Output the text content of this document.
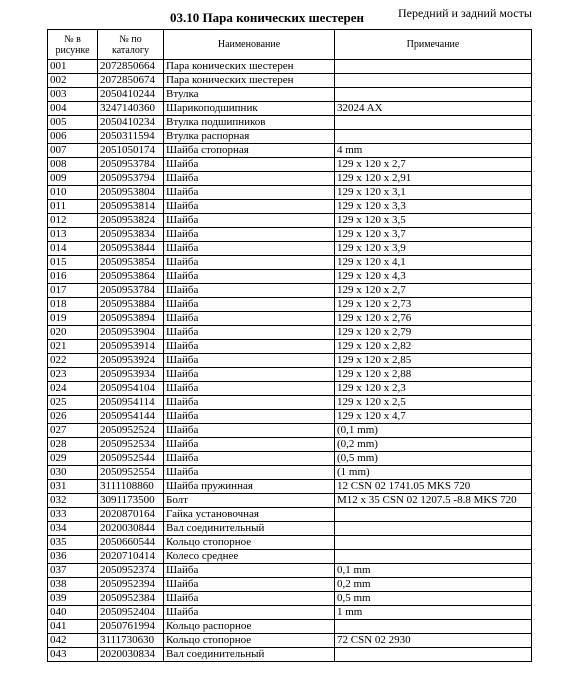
03.10 Пара конических шестерен	Передний и задний мосты
№ в рисунке	№ по каталогу	Наименование	Примечание
001	2072850664	Пара конических шестерен	
002	2072850674	Пара конических шестерен	
003	2050410244	Втулка	
004	3247140360	Шарикоподшипник	32024 AX
005	2050410234	Втулка подшипников	
006	2050311594	Втулка распорная	
007	2051050174	Шайба стопорная	4 mm
008	2050953784	Шайба	129 x 120 x 2,7
009	2050953794	Шайба	129 x 120 x 2,91
010	2050953804	Шайба	129 x 120 x 3,1
011	2050953814	Шайба	129 x 120 x 3,3
012	2050953824	Шайба	129 x 120 x 3,5
013	2050953834	Шайба	129 x 120 x 3,7
014	2050953844	Шайба	129 x 120 x 3,9
015	2050953854	Шайба	129 x 120 x 4,1
016	2050953864	Шайба	129 x 120 x 4,3
017	2050953784	Шайба	129 x 120 x 2,7
018	2050953884	Шайба	129 x 120 x 2,73
019	2050953894	Шайба	129 x 120 x 2,76
020	2050953904	Шайба	129 x 120 x 2,79
021	2050953914	Шайба	129 x 120 x 2,82
022	2050953924	Шайба	129 x 120 x 2,85
023	2050953934	Шайба	129 x 120 x 2,88
024	2050954104	Шайба	129 x 120 x 2,3
025	2050954114	Шайба	129 x 120 x 2,5
026	2050954144	Шайба	129 x 120 x 4,7
027	2050952524	Шайба	(0,1 mm)
028	2050952534	Шайба	(0,2 mm)
029	2050952544	Шайба	(0,5 mm)
030	2050952554	Шайба	(1 mm)
031	3111108860	Шайба пружинная	12 CSN 02 1741.05 MKS 720
032	3091173500	Болт	M12 x 35 CSN 02 1207.5 -8.8 MKS 720
033	2020870164	Гайка установочная	
034	2020030844	Вал соединительный	
035	2050660544	Кольцо стопорное	
036	2020710414	Колесо среднее	
037	2050952374	Шайба	0,1 mm
038	2050952394	Шайба	0,2 mm
039	2050952384	Шайба	0,5 mm
040	2050952404	Шайба	1 mm
041	2050761994	Кольцо распорное	
042	3111730630	Кольцо стопорное	72 CSN 02 2930
043	2020030834	Вал соединительный	
